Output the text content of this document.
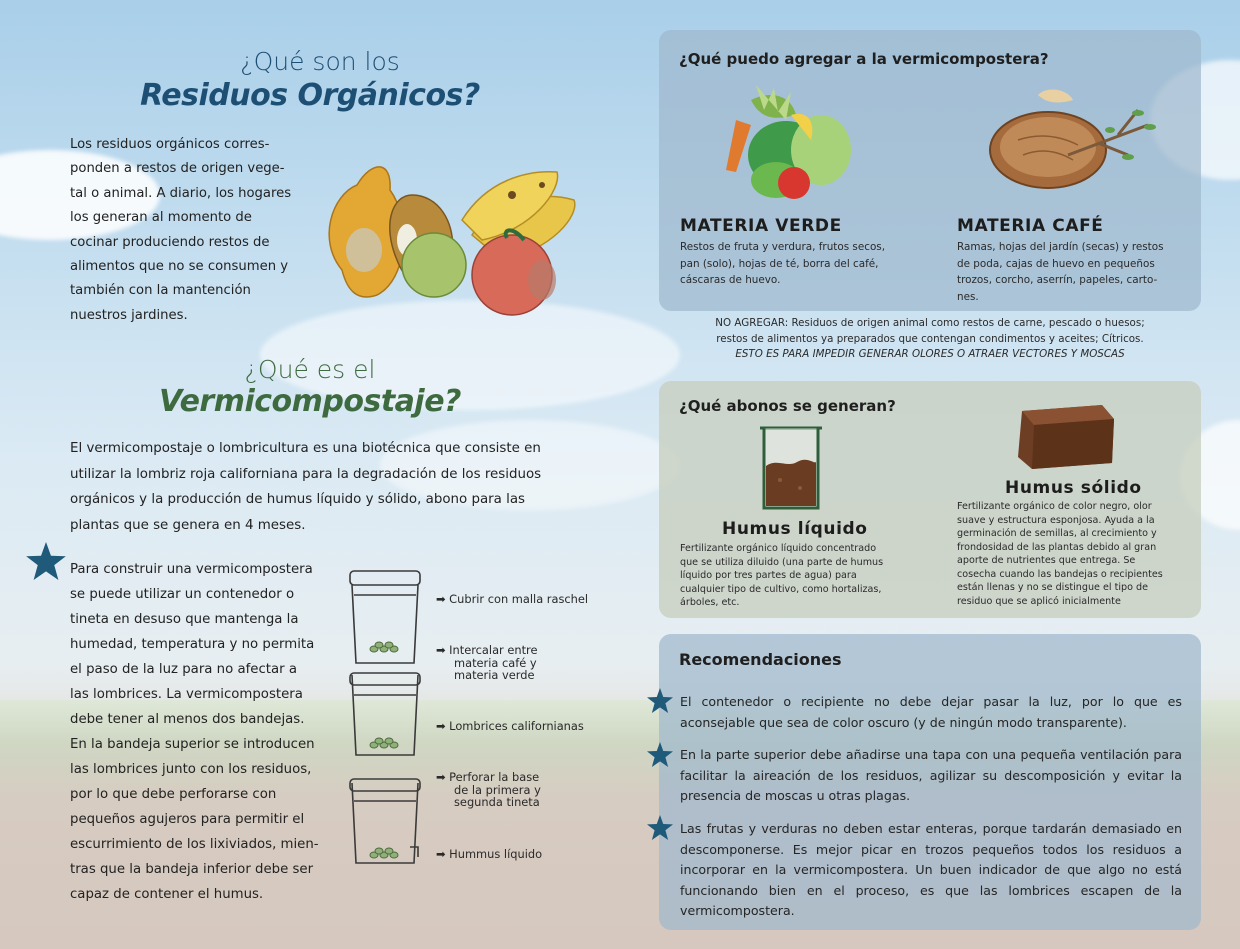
¿Qué son los
Residuos Orgánicos?
Los residuos orgánicos corres-
ponden a restos de origen vege-
tal o animal. A diario, los hogares
los generan al momento de
cocinar produciendo restos de
alimentos que no se consumen y
también con la mantención
nuestros jardines.
¿Qué es el
Vermicompostaje?
El vermicompostaje o lombricultura es una biotécnica que consiste en
utilizar la lombriz roja californiana para la degradación de los residuos
orgánicos y la producción de humus líquido y sólido, abono para las
plantas que se genera en 4 meses.
Para construir una vermicompostera
se puede utilizar un contenedor o
tineta en desuso que mantenga la
humedad, temperatura y no permita
el paso de la luz para no afectar a
las lombrices. La vermicompostera
debe tener al menos dos bandejas.
En la bandeja superior se introducen
las lombrices junto con los residuos,
por lo que debe perforarse con
pequeños agujeros para permitir el
escurrimiento de los lixiviados, mien-
tras que la bandeja inferior debe ser
capaz de contener el humus.
➡ Cubrir con malla raschel
➡ Intercalar entre
materia café y
materia verde
➡ Lombrices californianas
➡ Perforar la base
de la primera y
segunda tineta
➡ Hummus líquido
¿Qué puedo agregar a la vermicompostera?
MATERIA VERDE
Restos de fruta y verdura, frutos secos,
pan (solo), hojas de té, borra del café,
cáscaras de huevo.
MATERIA CAFÉ
Ramas, hojas del jardín (secas) y restos
de poda, cajas de huevo en pequeños
trozos, corcho, aserrín, papeles, carto-
nes.
NO AGREGAR: Residuos de origen animal como restos de carne, pescado o huesos;
restos de alimentos ya preparados que contengan condimentos y aceites; Cítricos.
ESTO ES PARA IMPEDIR GENERAR OLORES O ATRAER VECTORES Y MOSCAS
¿Qué abonos se generan?
Humus líquido
Fertilizante orgánico líquido concentrado
que se utiliza diluido (una parte de humus
líquido por tres partes de agua) para
cualquier tipo de cultivo, como hortalizas,
árboles, etc.
Humus sólido
Fertilizante orgánico de color negro, olor
suave y estructura esponjosa. Ayuda a la
germinación de semillas, al crecimiento y
frondosidad de las plantas debido al gran
aporte de nutrientes que entrega. Se
cosecha cuando las bandejas o recipientes
están llenas y no se distingue el tipo de
residuo que se aplicó inicialmente
Recomendaciones
El contenedor o recipiente no debe dejar pasar la luz, por lo que es aconsejable que sea de color oscuro (y de ningún modo transparente).
En la parte superior debe añadirse una tapa con una pequeña ventilación para facilitar la aireación de los residuos, agilizar su descomposición y evitar la presencia de moscas u otras plagas.
Las frutas y verduras no deben estar enteras, porque tardarán demasiado en descomponerse. Es mejor picar en trozos pequeños todos los residuos a incorporar en la vermicompostera. Un buen indicador de que algo no está funcionando bien en el proceso, es que las lombrices escapen de la vermicompostera.
